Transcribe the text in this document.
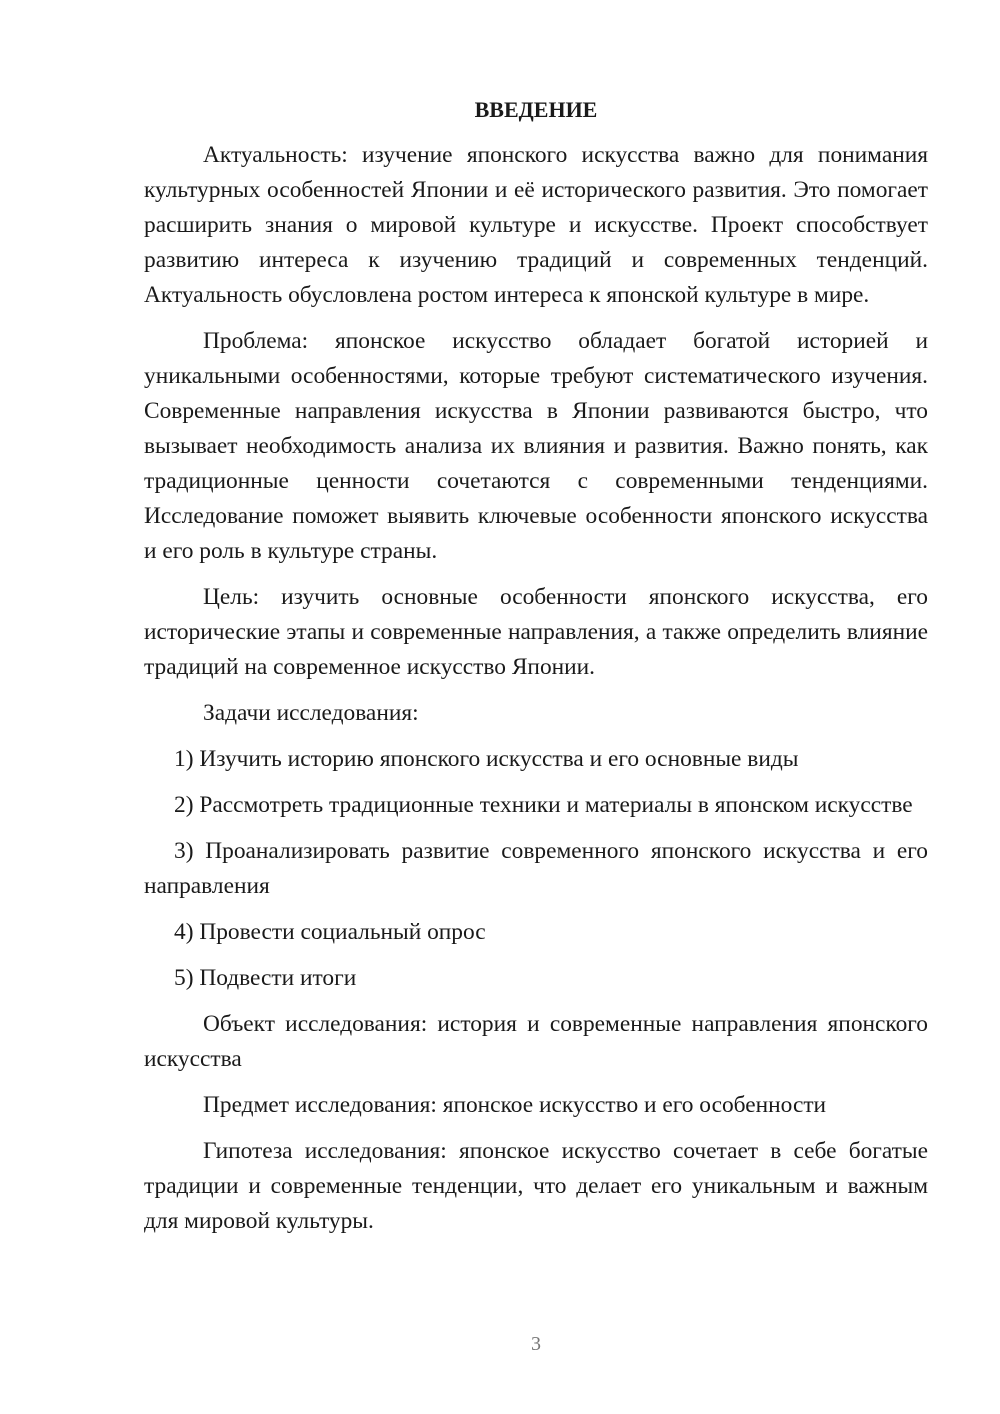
ВВЕДЕНИЕ

Актуальность: изучение японского искусства важно для понимания культурных особенностей Японии и её исторического развития. Это помогает расширить знания о мировой культуре и искусстве. Проект способствует развитию интереса к изучению традиций и современных тенденций. Актуальность обусловлена ростом интереса к японской культуре в мире.

Проблема: японское искусство обладает богатой историей и уникальными особенностями, которые требуют систематического изучения. Современные направления искусства в Японии развиваются быстро, что вызывает необходимость анализа их влияния и развития. Важно понять, как традиционные ценности сочетаются с современными тенденциями. Исследование поможет выявить ключевые особенности японского искусства и его роль в культуре страны.

Цель: изучить основные особенности японского искусства, его исторические этапы и современные направления, а также определить влияние традиций на современное искусство Японии.

Задачи исследования:

1) Изучить историю японского искусства и его основные виды

2) Рассмотреть традиционные техники и материалы в японском искусстве

3) Проанализировать развитие современного японского искусства и его направления

4) Провести социальный опрос

5) Подвести итоги

Объект исследования: история и современные направления японского искусства

Предмет исследования: японское искусство и его особенности

Гипотеза исследования: японское искусство сочетает в себе богатые традиции и современные тенденции, что делает его уникальным и важным для мировой культуры.

3
